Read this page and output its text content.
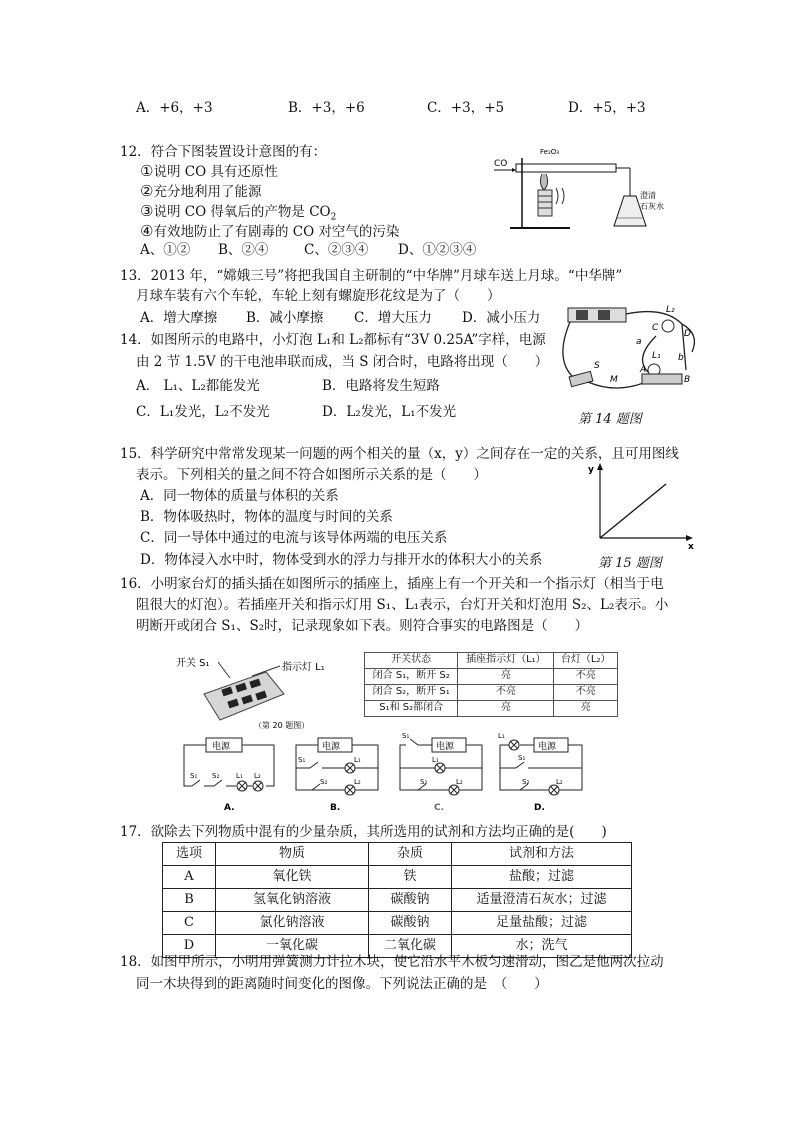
A．+6，+3	B．+3，+6	C．+3，+5	D．+5，+3
12．符合下图装置设计意图的有：
①说明 CO 具有还原性
②充分地利用了能源
③说明 CO 得氧后的产物是 $CO_2$
④有效地防止了有剧毒的 CO 对空气的污染
A、①② B、②④	C、②③④ D、①②③④
CO
Fe₂O₃
澄清
石灰水
13．2013 年，“嫦娥三号”将把我国自主研制的“中华牌”月球车送上月球。“中华牌”
月球车装有六个车轮，车轮上刻有螺旋形花纹是为了（　　）
A．增大摩擦 B．减小摩擦 C．增大压力 D．减小压力
14．如图所示的电路中，小灯泡 L₁和 L₂都标有“3V 0.25A”字样，电源
由 2 节 1.5V 的干电池串联而成，当 S 闭合时，电路将出现（　　）
A． L₁、L₂都能发光	B．电路将发生短路
C．L₁发光，L₂不发光	D．L₂发光，L₁不发光
L₂
C
D
a
b
L₁
S
M
A
B
第 14 题图
15．科学研究中常常发现某一问题的两个相关的量（x，y）之间存在一定的关系，且可用图线
表示。下列相关的量之间不符合如图所示关系的是（　　）
A．同一物体的质量与体积的关系
B．物体吸热时，物体的温度与时间的关系
C．同一导体中通过的电流与该导体两端的电压关系
D．物体浸入水中时，物体受到水的浮力与排开水的体积大小的关系
y
x
第 15 题图
16．小明家台灯的插头插在如图所示的插座上，插座上有一个开关和一个指示灯（相当于电
阻很大的灯泡）。若插座开关和指示灯用 S₁、L₁表示，台灯开关和灯泡用 S₂、L₂表示。小
明断开或闭合 S₁、S₂时，记录现象如下表。则符合事实的电路图是（　　）
开关 S₁	指示灯 L₁
（第 20 题图）
开关状态	插座指示灯（L₁）	台灯（L₂）
闭合 S₁，断开 S₂	亮	不亮
闭合 S₂，断开 S₁	不亮	不亮
S₁和 S₂都闭合	亮	亮
电源
S₁ S₂ L₁ L₂
A.
电源
S₁
S₂
L₁
L₂
B.
电源
S₁
L₁
S₂	L₂
C.
电源
L₁
S₁
S₂	L₂
D.
17．欲除去下列物质中混有的少量杂质，其所选用的试剂和方法均正确的是(　　)
选项	物质	杂质	试剂和方法
A	氧化铁	铁	盐酸；过滤
B	氢氧化钠溶液	碳酸钠	适量澄清石灰水；过滤
C	氯化钠溶液	碳酸钠	足量盐酸；过滤
D	一氧化碳	二氧化碳	水；洗气
18．如图甲所示，小明用弹簧测力计拉木块，使它沿水平木板匀速滑动，图乙是他两次拉动
同一木块得到的距离随时间变化的图像。下列说法正确的是　（　　）
